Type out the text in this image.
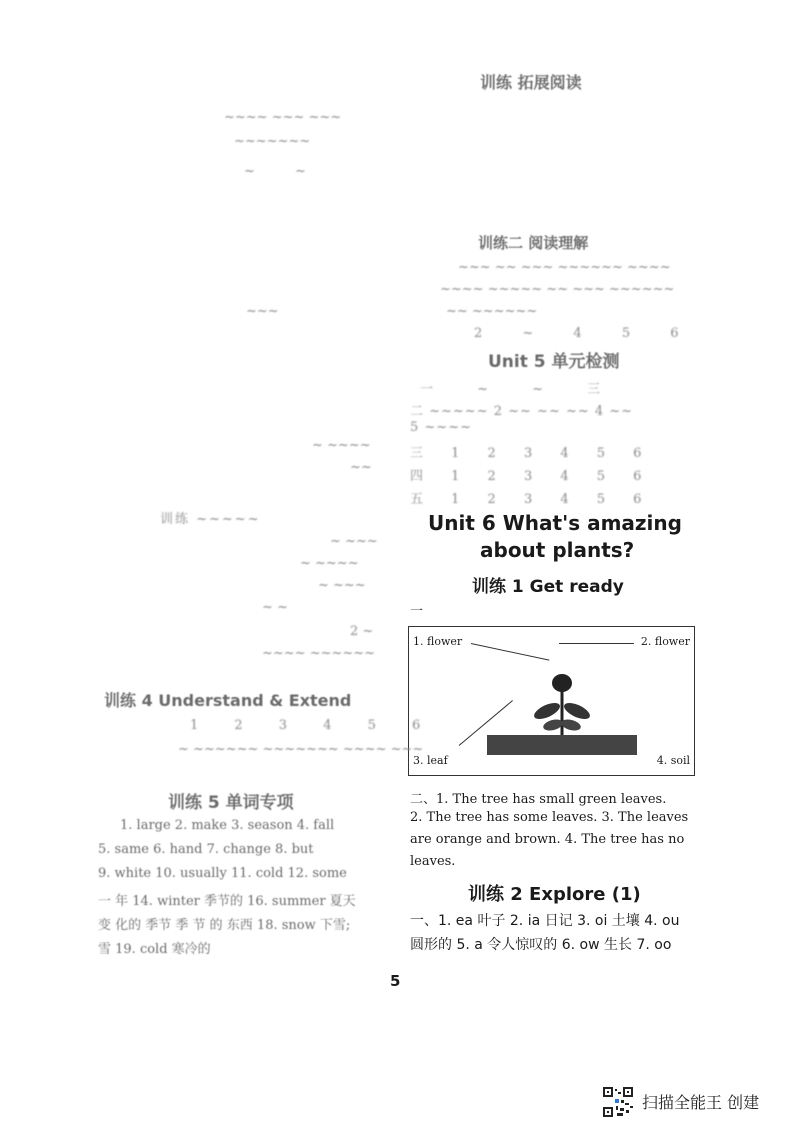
训练 拓展阅读
训练二 阅读理解
~~~ ~~ ~~~ ~~~~~~ ~~~~
~~~~ ~~~~~ ~~ ~~~ ~~~~~~
~~ ~~~~~~
2 ~ 4 5 6
Unit 5 单元检测
一 ~ ~ 三
二 ~~~~~ 2 ~~ ~~ ~~ 4 ~~
5 ~~~~
三 1 2 3 4 5 6
四 1 2 3 4 5 6
五 1 2 3 4 5 6
Unit 6 What's amazing
about plants?
训练 1 Get ready
一
1. flower	2. flower
3. leaf	4. soil
二、1. The tree has small green leaves.
2. The tree has some leaves. 3. The leaves
are orange and brown. 4. The tree has no
leaves.
训练 2 Explore (1)
一、1. ea 叶子 2. ia 日记 3. oi 土壤 4. ou
圆形的 5. a 令人惊叹的 6. ow 生长 7. oo
~~~~ ~~~ ~~~
~~~~~~~
~ ~
~~~
~ ~~~~
~~
训练 ~~~~~
~ ~~~
~ ~~~~
~ ~~~
~ ~
2 ~
~~~~ ~~~~~~
训练 4 Understand & Extend
1 2 3 4 5 6
~ ~~~~~~ ~~~~~~~ ~~~~ ~~~
训练 5 单词专项
1. large 2. make 3. season 4. fall
5. same 6. hand 7. change 8. but
9. white 10. usually 11. cold 12. some
一 年 14. winter 季节的 16. summer 夏天
变 化的 季节 季 节 的 东西 18. snow 下雪;
雪 19. cold 寒冷的
5
扫描全能王 创建
